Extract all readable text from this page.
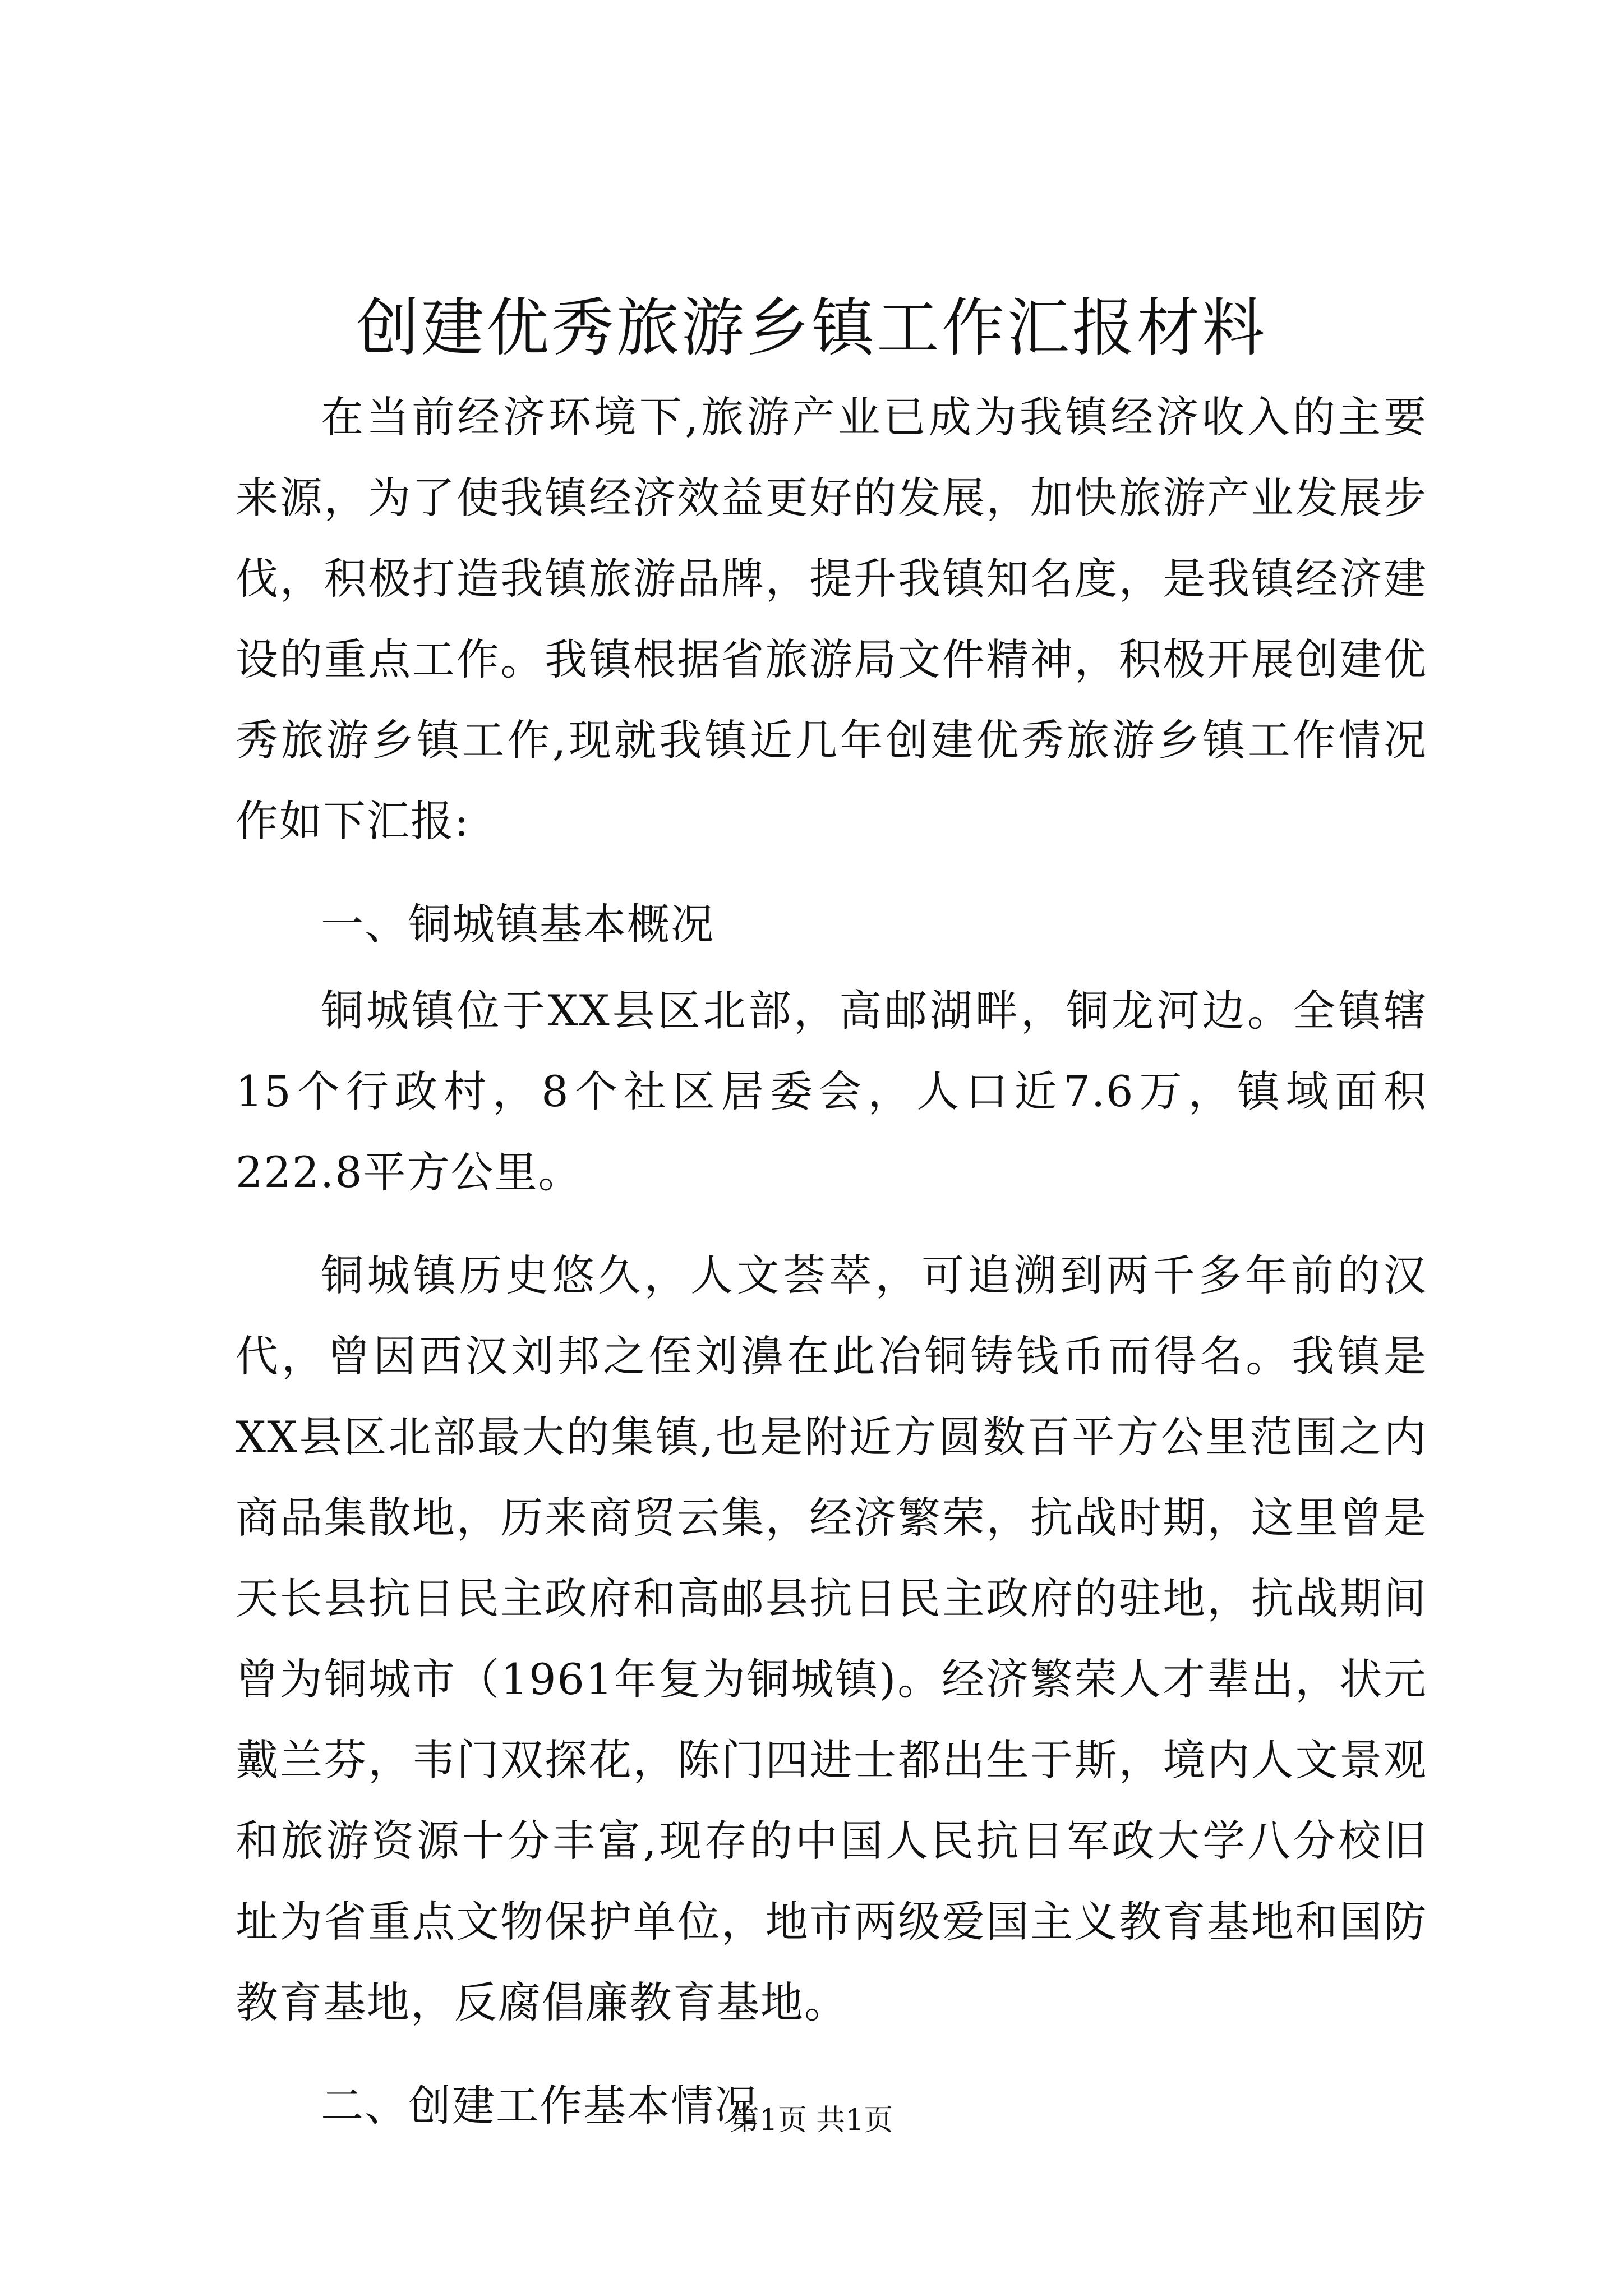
创建优秀旅游乡镇工作汇报材料

在当前经济环境下,旅游产业已成为我镇经济收入的主要来源，为了使我镇经济效益更好的发展，加快旅游产业发展步伐，积极打造我镇旅游品牌，提升我镇知名度，是我镇经济建设的重点工作。我镇根据省旅游局文件精神，积极开展创建优秀旅游乡镇工作,现就我镇近几年创建优秀旅游乡镇工作情况作如下汇报:

一、铜城镇基本概况

铜城镇位于XX县区北部，高邮湖畔，铜龙河边。全镇辖15个行政村，8个社区居委会，人口近7.6万，镇域面积222.8平方公里。

铜城镇历史悠久，人文荟萃，可追溯到两千多年前的汉代，曾因西汉刘邦之侄刘濞在此冶铜铸钱币而得名。我镇是XX县区北部最大的集镇,也是附近方圆数百平方公里范围之内商品集散地，历来商贸云集，经济繁荣，抗战时期，这里曾是天长县抗日民主政府和高邮县抗日民主政府的驻地，抗战期间曾为铜城市（1961年复为铜城镇)。经济繁荣人才辈出，状元戴兰芬，韦门双探花，陈门四进士都出生于斯，境内人文景观和旅游资源十分丰富,现存的中国人民抗日军政大学八分校旧址为省重点文物保护单位，地市两级爱国主义教育基地和国防教育基地，反腐倡廉教育基地。

二、创建工作基本情况

第1页 共1页
